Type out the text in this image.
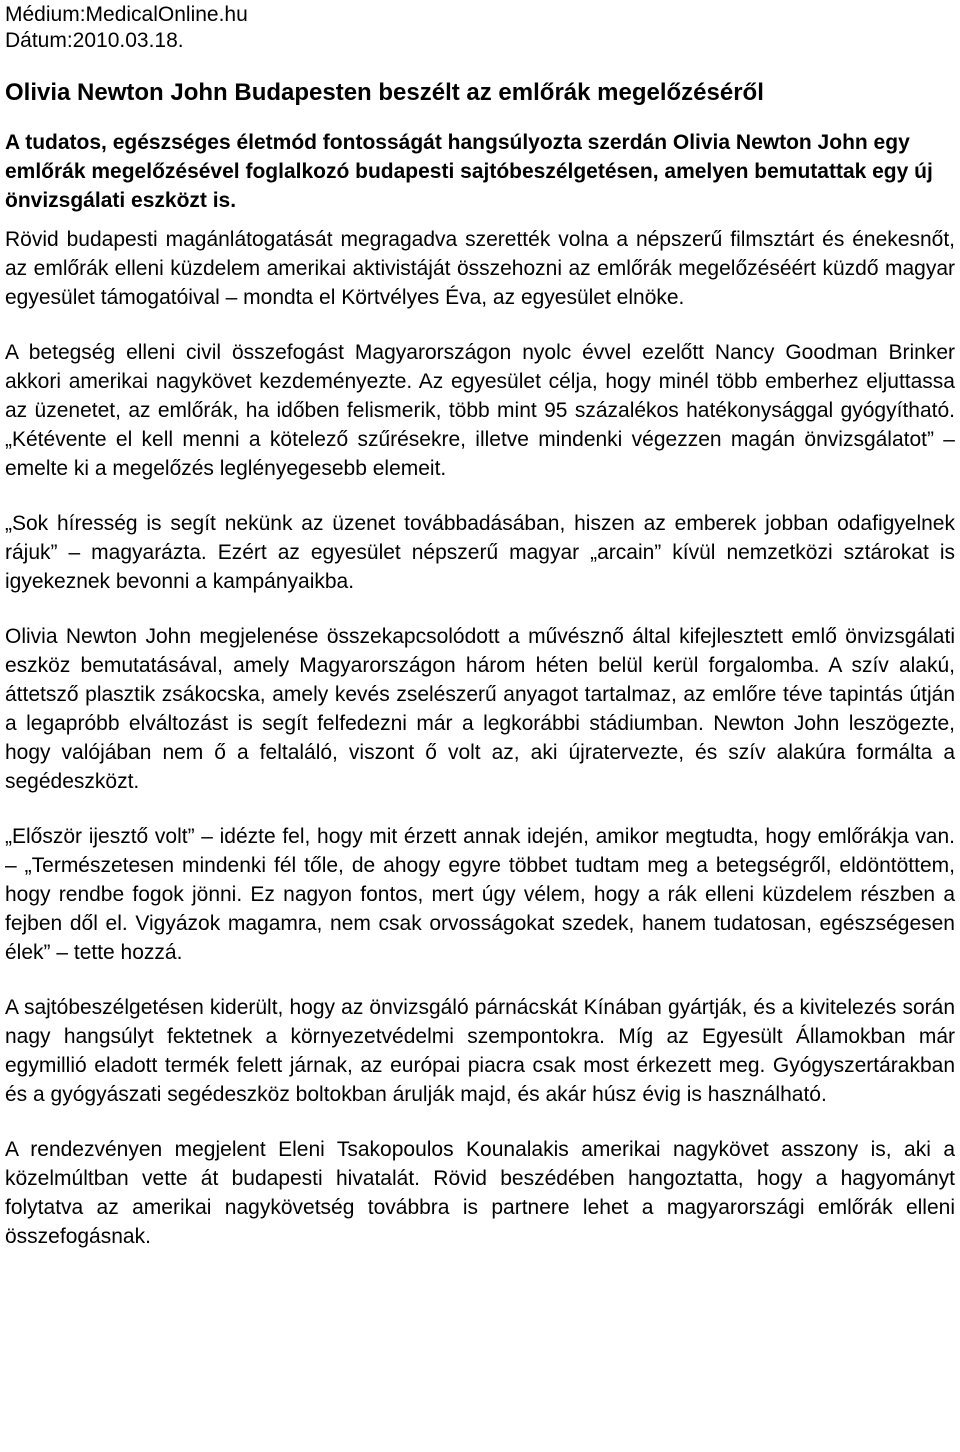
Médium:MedicalOnline.hu

Dátum:2010.03.18.

Olivia Newton John Budapesten beszélt az emlőrák megelőzéséről

A tudatos, egészséges életmód fontosságát hangsúlyozta szerdán Olivia Newton John egy emlőrák megelőzésével foglalkozó budapesti sajtóbeszélgetésen, amelyen bemutattak egy új önvizsgálati eszközt is.

Rövid budapesti magánlátogatását megragadva szerették volna a népszerű filmsztárt és énekesnőt, az emlőrák elleni küzdelem amerikai aktivistáját összehozni az emlőrák megelőzéséért küzdő magyar egyesület támogatóival – mondta el Körtvélyes Éva, az egyesület elnöke.

A betegség elleni civil összefogást Magyarországon nyolc évvel ezelőtt Nancy Goodman Brinker akkori amerikai nagykövet kezdeményezte. Az egyesület célja, hogy minél több emberhez eljuttassa az üzenetet, az emlőrák, ha időben felismerik, több mint 95 százalékos hatékonysággal gyógyítható. „Kétévente el kell menni a kötelező szűrésekre, illetve mindenki végezzen magán önvizsgálatot” – emelte ki a megelőzés leglényegesebb elemeit.

„Sok híresség is segít nekünk az üzenet továbbadásában, hiszen az emberek jobban odafigyelnek rájuk” – magyarázta. Ezért az egyesület népszerű magyar „arcain” kívül nemzetközi sztárokat is igyekeznek bevonni a kampányaikba.

Olivia Newton John megjelenése összekapcsolódott a művésznő által kifejlesztett emlő önvizsgálati eszköz bemutatásával, amely Magyarországon három héten belül kerül forgalomba. A szív alakú, áttetsző plasztik zsákocska, amely kevés zselészerű anyagot tartalmaz, az emlőre téve tapintás útján a legapróbb elváltozást is segít felfedezni már a legkorábbi stádiumban. Newton John leszögezte, hogy valójában nem ő a feltaláló, viszont ő volt az, aki újratervezte, és szív alakúra formálta a segédeszközt.

„Először ijesztő volt” – idézte fel, hogy mit érzett annak idején, amikor megtudta, hogy emlőrákja van. – „Természetesen mindenki fél tőle, de ahogy egyre többet tudtam meg a betegségről, eldöntöttem, hogy rendbe fogok jönni. Ez nagyon fontos, mert úgy vélem, hogy a rák elleni küzdelem részben a fejben dől el. Vigyázok magamra, nem csak orvosságokat szedek, hanem tudatosan, egészségesen élek” – tette hozzá.

A sajtóbeszélgetésen kiderült, hogy az önvizsgáló párnácskát Kínában gyártják, és a kivitelezés során nagy hangsúlyt fektetnek a környezetvédelmi szempontokra. Míg az Egyesült Államokban már egymillió eladott termék felett járnak, az európai piacra csak most érkezett meg. Gyógyszertárakban és a gyógyászati segédeszköz boltokban árulják majd, és akár húsz évig is használható.

A rendezvényen megjelent Eleni Tsakopoulos Kounalakis amerikai nagykövet asszony is, aki a közelmúltban vette át budapesti hivatalát. Rövid beszédében hangoztatta, hogy a hagyományt folytatva az amerikai nagykövetség továbbra is partnere lehet a magyarországi emlőrák elleni összefogásnak.
